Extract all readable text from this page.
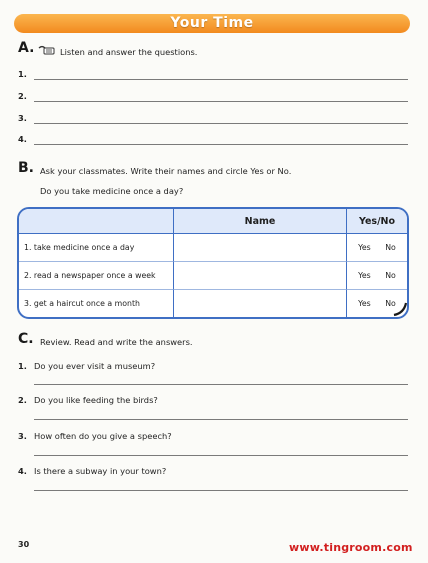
Your Time
A.	Listen and answer the questions.
1.
2.
3.
4.
B. Ask your classmates. Write their names and circle Yes or No.
Do you take medicine once a day?
	Name	Yes/No
1. take medicine once a day		Yes No
2. read a newspaper once a week		Yes No
3. get a haircut once a month		Yes No
C. Review. Read and write the answers.
1. Do you ever visit a museum?
2. Do you like feeding the birds?
3. How often do you give a speech?
4. Is there a subway in your town?
30	www.tingroom.com
